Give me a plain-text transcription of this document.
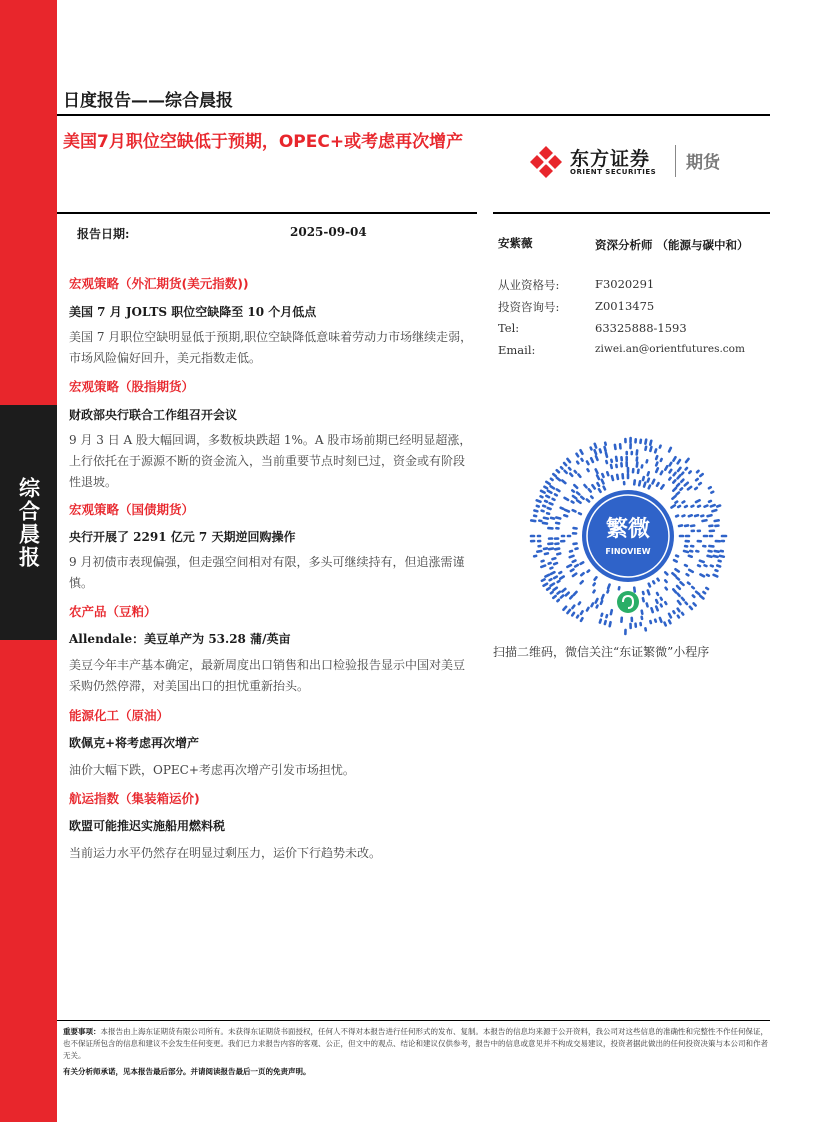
综合晨报
日度报告——综合晨报
美国7月职位空缺低于预期，OPEC+或考虑再次增产
东方证券
ORIENT SECURITIES 期货
报告日期:	2025-09-04
宏观策略（外汇期货(美元指数))
美国 7 月 JOLTS 职位空缺降至 10 个月低点
美国 7 月职位空缺明显低于预期,职位空缺降低意味着劳动力市场继续走弱，市场风险偏好回升，美元指数走低。
宏观策略（股指期货）
财政部央行联合工作组召开会议
9 月 3 日 A 股大幅回调，多数板块跌超 1%。A 股市场前期已经明显超涨，上行依托在于源源不断的资金流入，当前重要节点时刻已过，资金或有阶段性退坡。
宏观策略（国债期货）
央行开展了 2291 亿元 7 天期逆回购操作
9 月初债市表现偏强，但走强空间相对有限，多头可继续持有，但追涨需谨慎。
农产品（豆粕）
Allendale：美豆单产为 53.28 蒲/英亩
美豆今年丰产基本确定，最新周度出口销售和出口检验报告显示中国对美豆采购仍然停滞，对美国出口的担忧重新抬头。
能源化工（原油）
欧佩克+将考虑再次增产
油价大幅下跌，OPEC+考虑再次增产引发市场担忧。
航运指数（集装箱运价)
欧盟可能推迟实施船用燃料税
当前运力水平仍然存在明显过剩压力，运价下行趋势未改。
安紫薇	资深分析师 （能源与碳中和）
从业资格号:	F3020291
投资咨询号:	Z0013475
Tel:	63325888-1593
Email:	ziwei.an@orientfutures.com
繁微
FINOVIEW
扫描二维码，微信关注“东证繁微”小程序
重要事项：本报告由上海东证期货有限公司所有。未获得东证期货书面授权，任何人不得对本报告进行任何形式的发布、复制。本报告的信息均来源于公开资料，我公司对这些信息的准确性和完整性不作任何保证，也不保证所包含的信息和建议不会发生任何变更。我们已力求报告内容的客观、公正，但文中的观点、结论和建议仅供参考，报告中的信息或意见并不构成交易建议，投资者据此做出的任何投资决策与本公司和作者无关。
有关分析师承诺，见本报告最后部分。并请阅读报告最后一页的免责声明。
